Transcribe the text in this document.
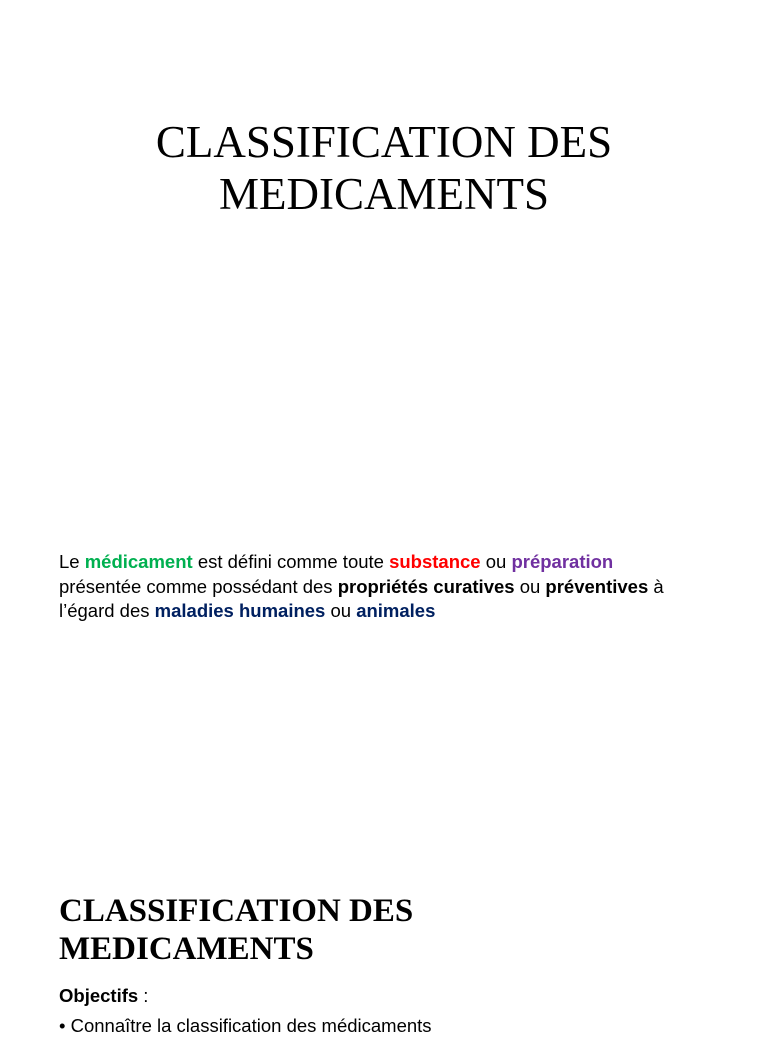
CLASSIFICATION DES
MEDICAMENTS

Le médicament est défini comme toute substance ou préparation
présentée comme possédant des propriétés curatives ou préventives à
l’égard des maladies humaines ou animales

CLASSIFICATION DES
MEDICAMENTS

Objectifs :

• Connaître la classification des médicaments
